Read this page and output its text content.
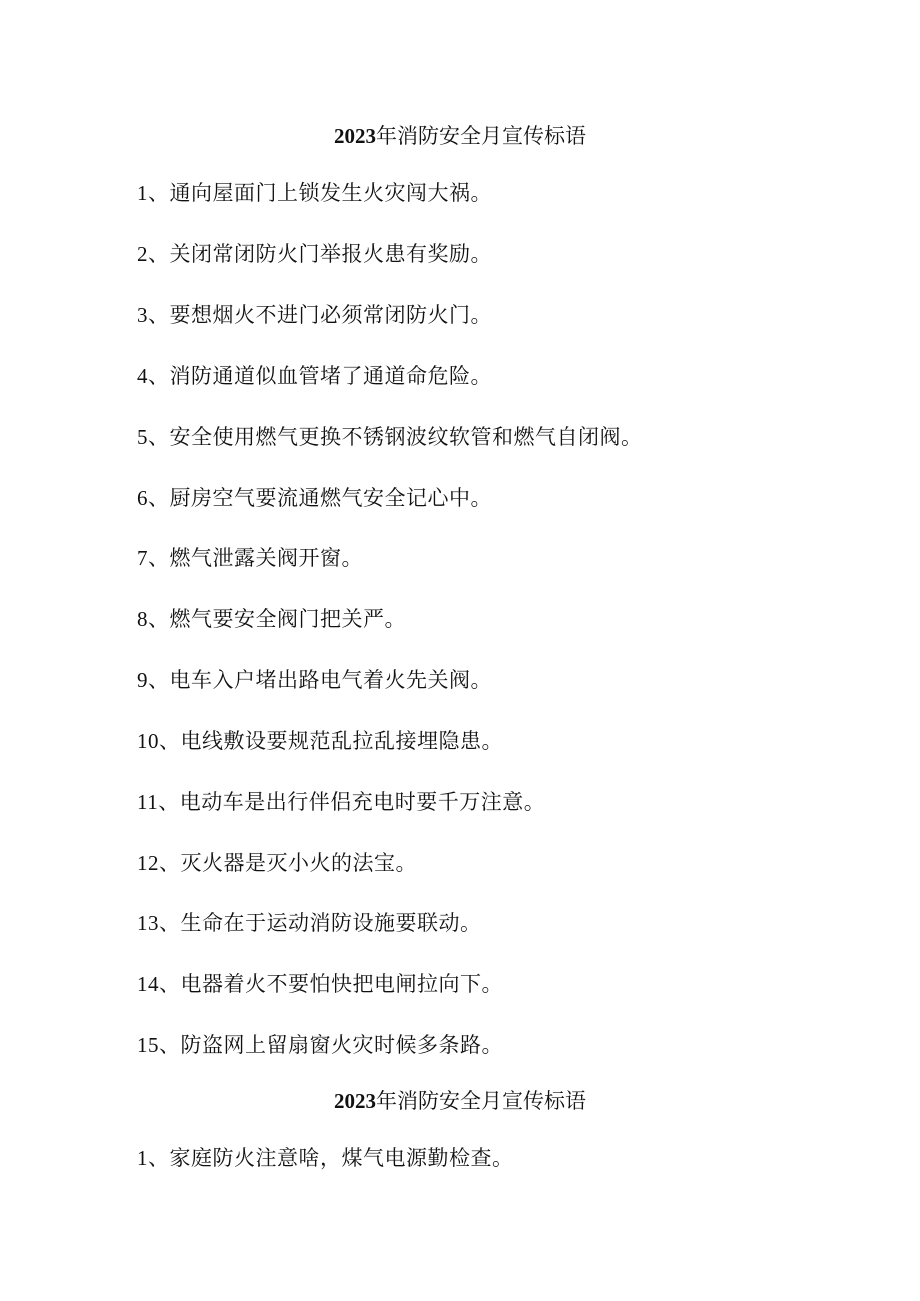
2023年消防安全月宣传标语
1、通向屋面门上锁发生火灾闯大祸。
2、关闭常闭防火门举报火患有奖励。
3、要想烟火不进门必须常闭防火门。
4、消防通道似血管堵了通道命危险。
5、安全使用燃气更换不锈钢波纹软管和燃气自闭阀。
6、厨房空气要流通燃气安全记心中。
7、燃气泄露关阀开窗。
8、燃气要安全阀门把关严。
9、电车入户堵出路电气着火先关阀。
10、电线敷设要规范乱拉乱接埋隐患。
11、电动车是出行伴侣充电时要千万注意。
12、灭火器是灭小火的法宝。
13、生命在于运动消防设施要联动。
14、电器着火不要怕快把电闸拉向下。
15、防盗网上留扇窗火灾时候多条路。
2023年消防安全月宣传标语
1、家庭防火注意啥，煤气电源勤检查。
